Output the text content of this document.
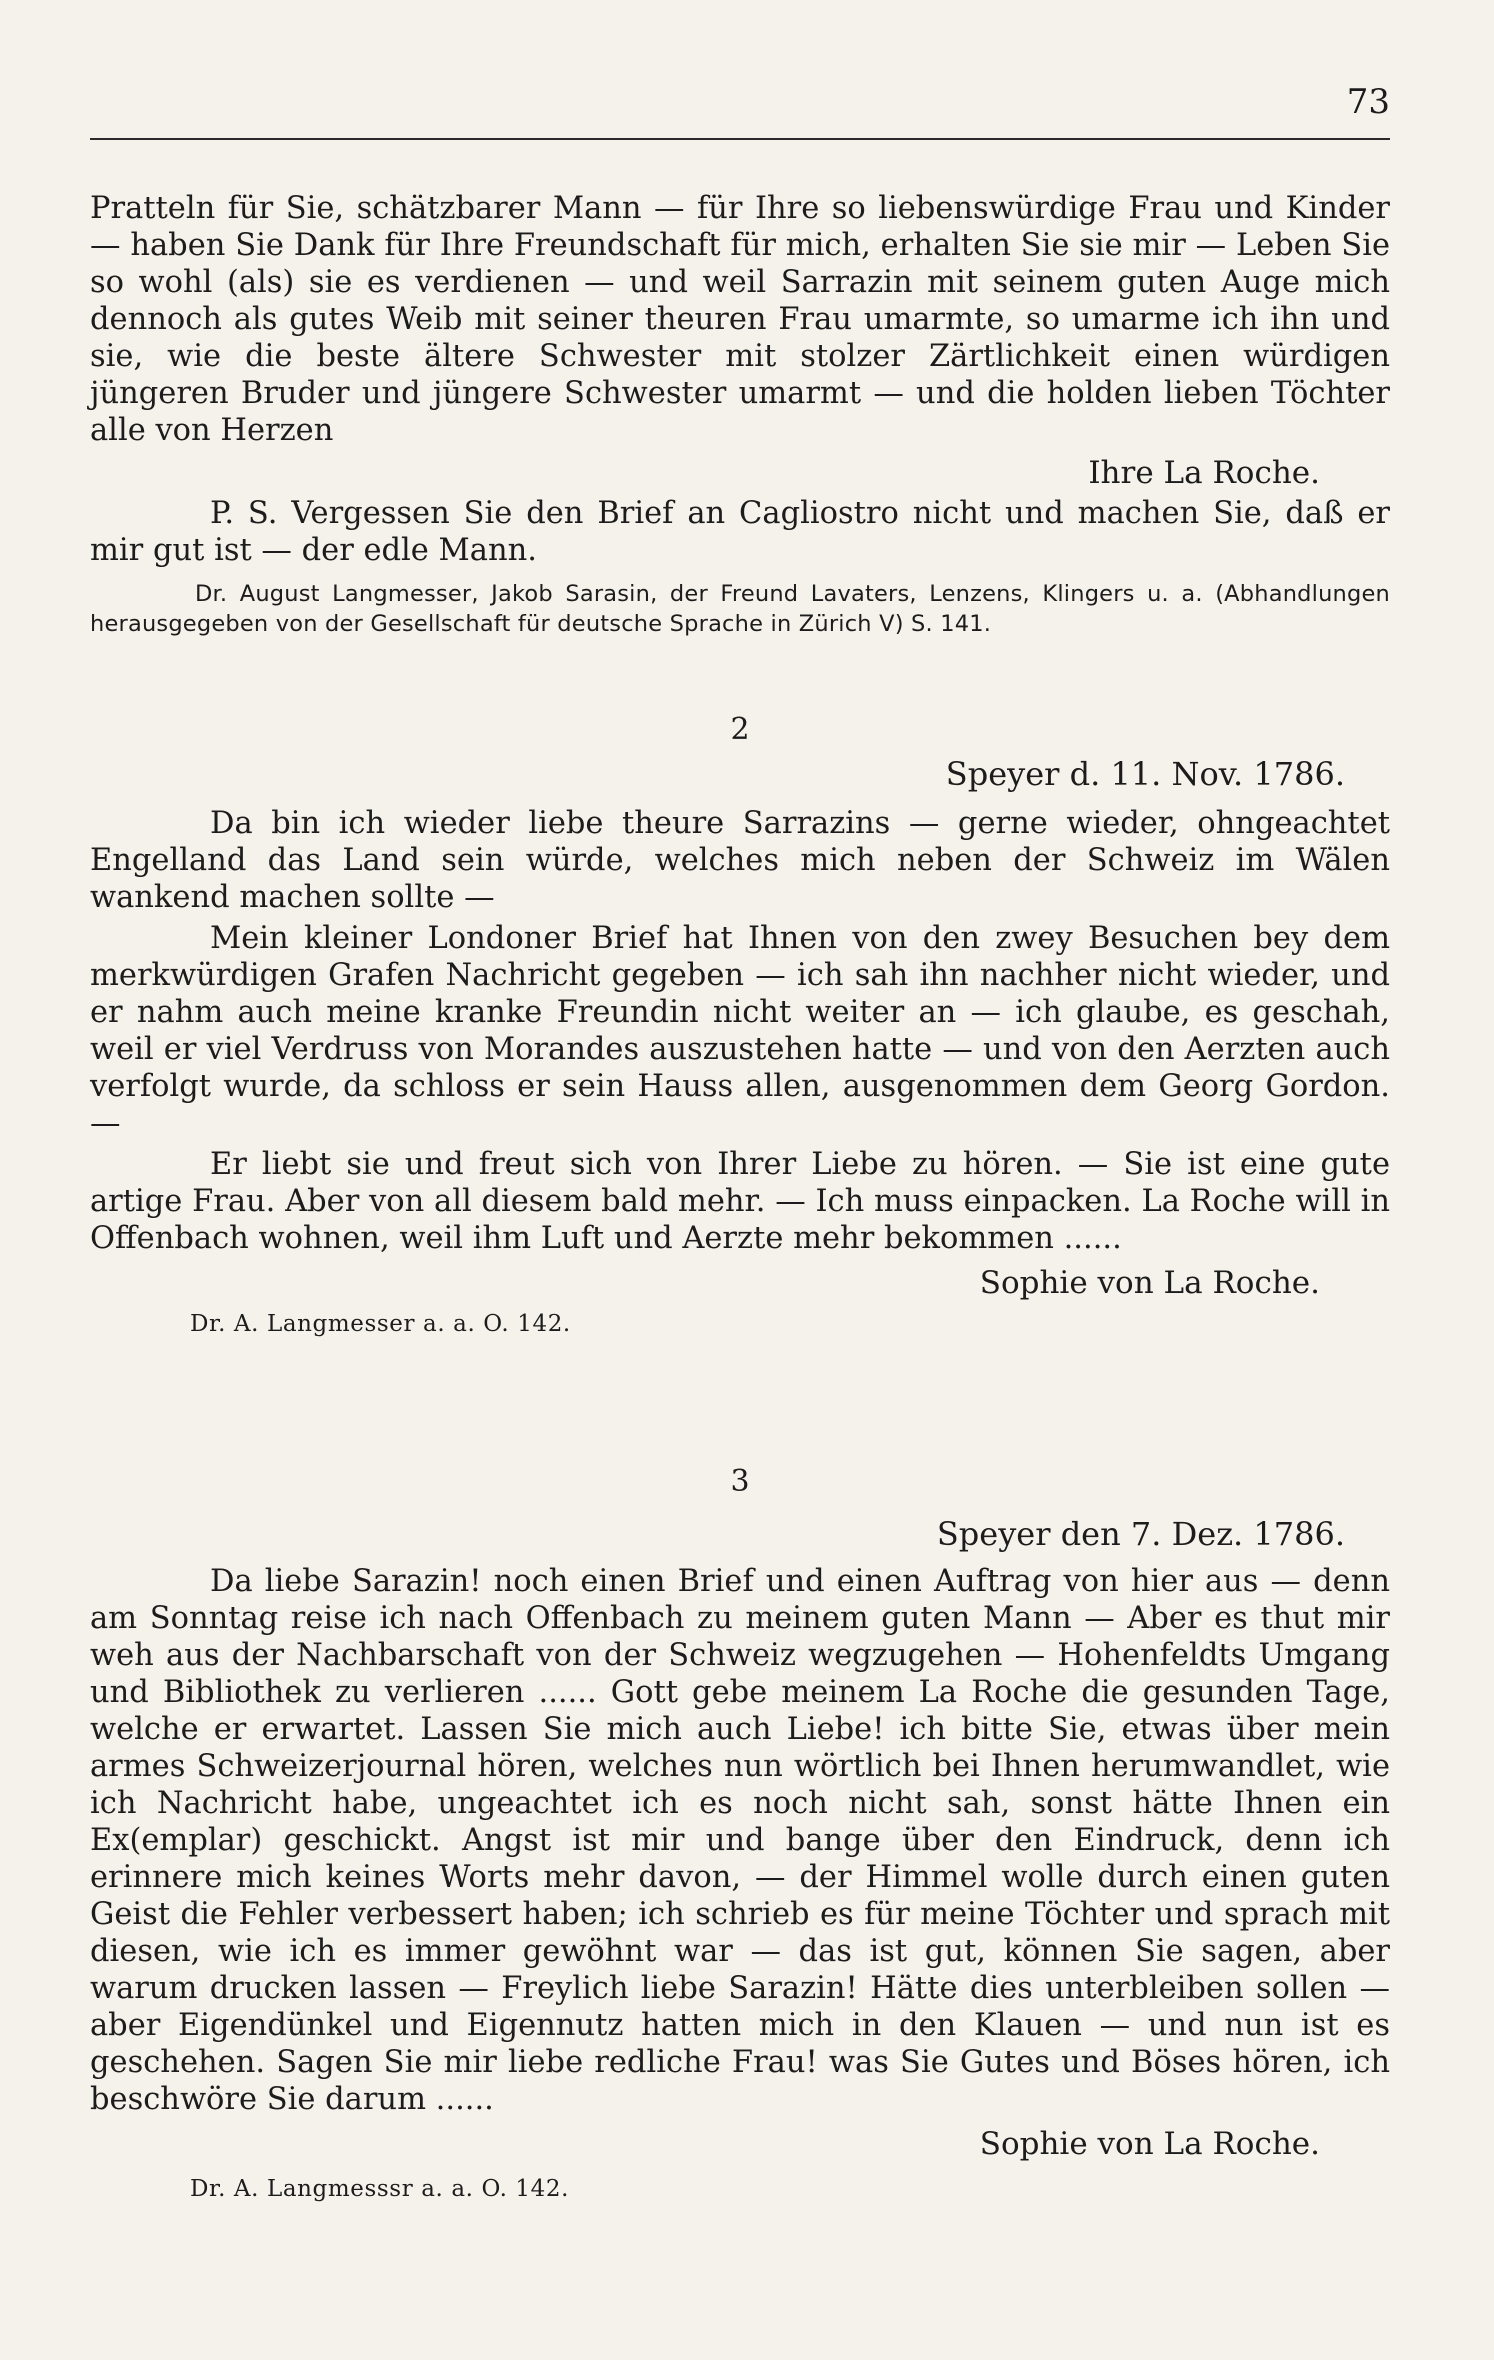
73

Pratteln für Sie, schätzbarer Mann — für Ihre so liebenswürdige Frau und Kinder — haben Sie Dank für Ihre Freundschaft für mich, erhalten Sie sie mir — Leben Sie so wohl (als) sie es verdienen — und weil Sarrazin mit seinem guten Auge mich dennoch als gutes Weib mit seiner theuren Frau umarmte, so umarme ich ihn und sie, wie die beste ältere Schwester mit stolzer Zärtlichkeit einen würdigen jüngeren Bruder und jüngere Schwester umarmt — und die holden lieben Töchter alle von Herzen

Ihre La Roche.

P. S. Vergessen Sie den Brief an Cagliostro nicht und machen Sie, daß er mir gut ist — der edle Mann.

Dr. August Langmesser, Jakob Sarasin, der Freund Lavaters, Lenzens, Klingers u. a. (Abhandlungen herausgegeben von der Gesellschaft für deutsche Sprache in Zürich V) S. 141.

2

Speyer d. 11. Nov. 1786.

Da bin ich wieder liebe theure Sarrazins — gerne wieder, ohngeachtet Engelland das Land sein würde, welches mich neben der Schweiz im Wälen wankend machen sollte —

Mein kleiner Londoner Brief hat Ihnen von den zwey Besuchen bey dem merkwürdigen Grafen Nachricht gegeben — ich sah ihn nachher nicht wieder, und er nahm auch meine kranke Freundin nicht weiter an — ich glaube, es geschah, weil er viel Verdruss von Morandes auszustehen hatte — und von den Aerzten auch verfolgt wurde, da schloss er sein Hauss allen, ausgenommen dem Georg Gordon. —

Er liebt sie und freut sich von Ihrer Liebe zu hören. — Sie ist eine gute artige Frau. Aber von all diesem bald mehr. — Ich muss einpacken. La Roche will in Offenbach wohnen, weil ihm Luft und Aerzte mehr bekommen ......

Sophie von La Roche.

Dr. A. Langmesser a. a. O. 142.

3

Speyer den 7. Dez. 1786.

Da liebe Sarazin! noch einen Brief und einen Auftrag von hier aus — denn am Sonntag reise ich nach Offenbach zu meinem guten Mann — Aber es thut mir weh aus der Nachbarschaft von der Schweiz wegzugehen — Hohenfeldts Umgang und Bibliothek zu verlieren ...... Gott gebe meinem La Roche die gesunden Tage, welche er erwartet. Lassen Sie mich auch Liebe! ich bitte Sie, etwas über mein armes Schweizerjournal hören, welches nun wörtlich bei Ihnen herumwandlet, wie ich Nachricht habe, ungeachtet ich es noch nicht sah, sonst hätte Ihnen ein Ex(emplar) geschickt. Angst ist mir und bange über den Eindruck, denn ich erinnere mich keines Worts mehr davon, — der Himmel wolle durch einen guten Geist die Fehler verbessert haben; ich schrieb es für meine Töchter und sprach mit diesen, wie ich es immer gewöhnt war — das ist gut, können Sie sagen, aber warum drucken lassen — Freylich liebe Sarazin! Hätte dies unterbleiben sollen — aber Eigendünkel und Eigennutz hatten mich in den Klauen — und nun ist es geschehen. Sagen Sie mir liebe redliche Frau! was Sie Gutes und Böses hören, ich beschwöre Sie darum ......

Sophie von La Roche.

Dr. A. Langmesssr a. a. O. 142.
